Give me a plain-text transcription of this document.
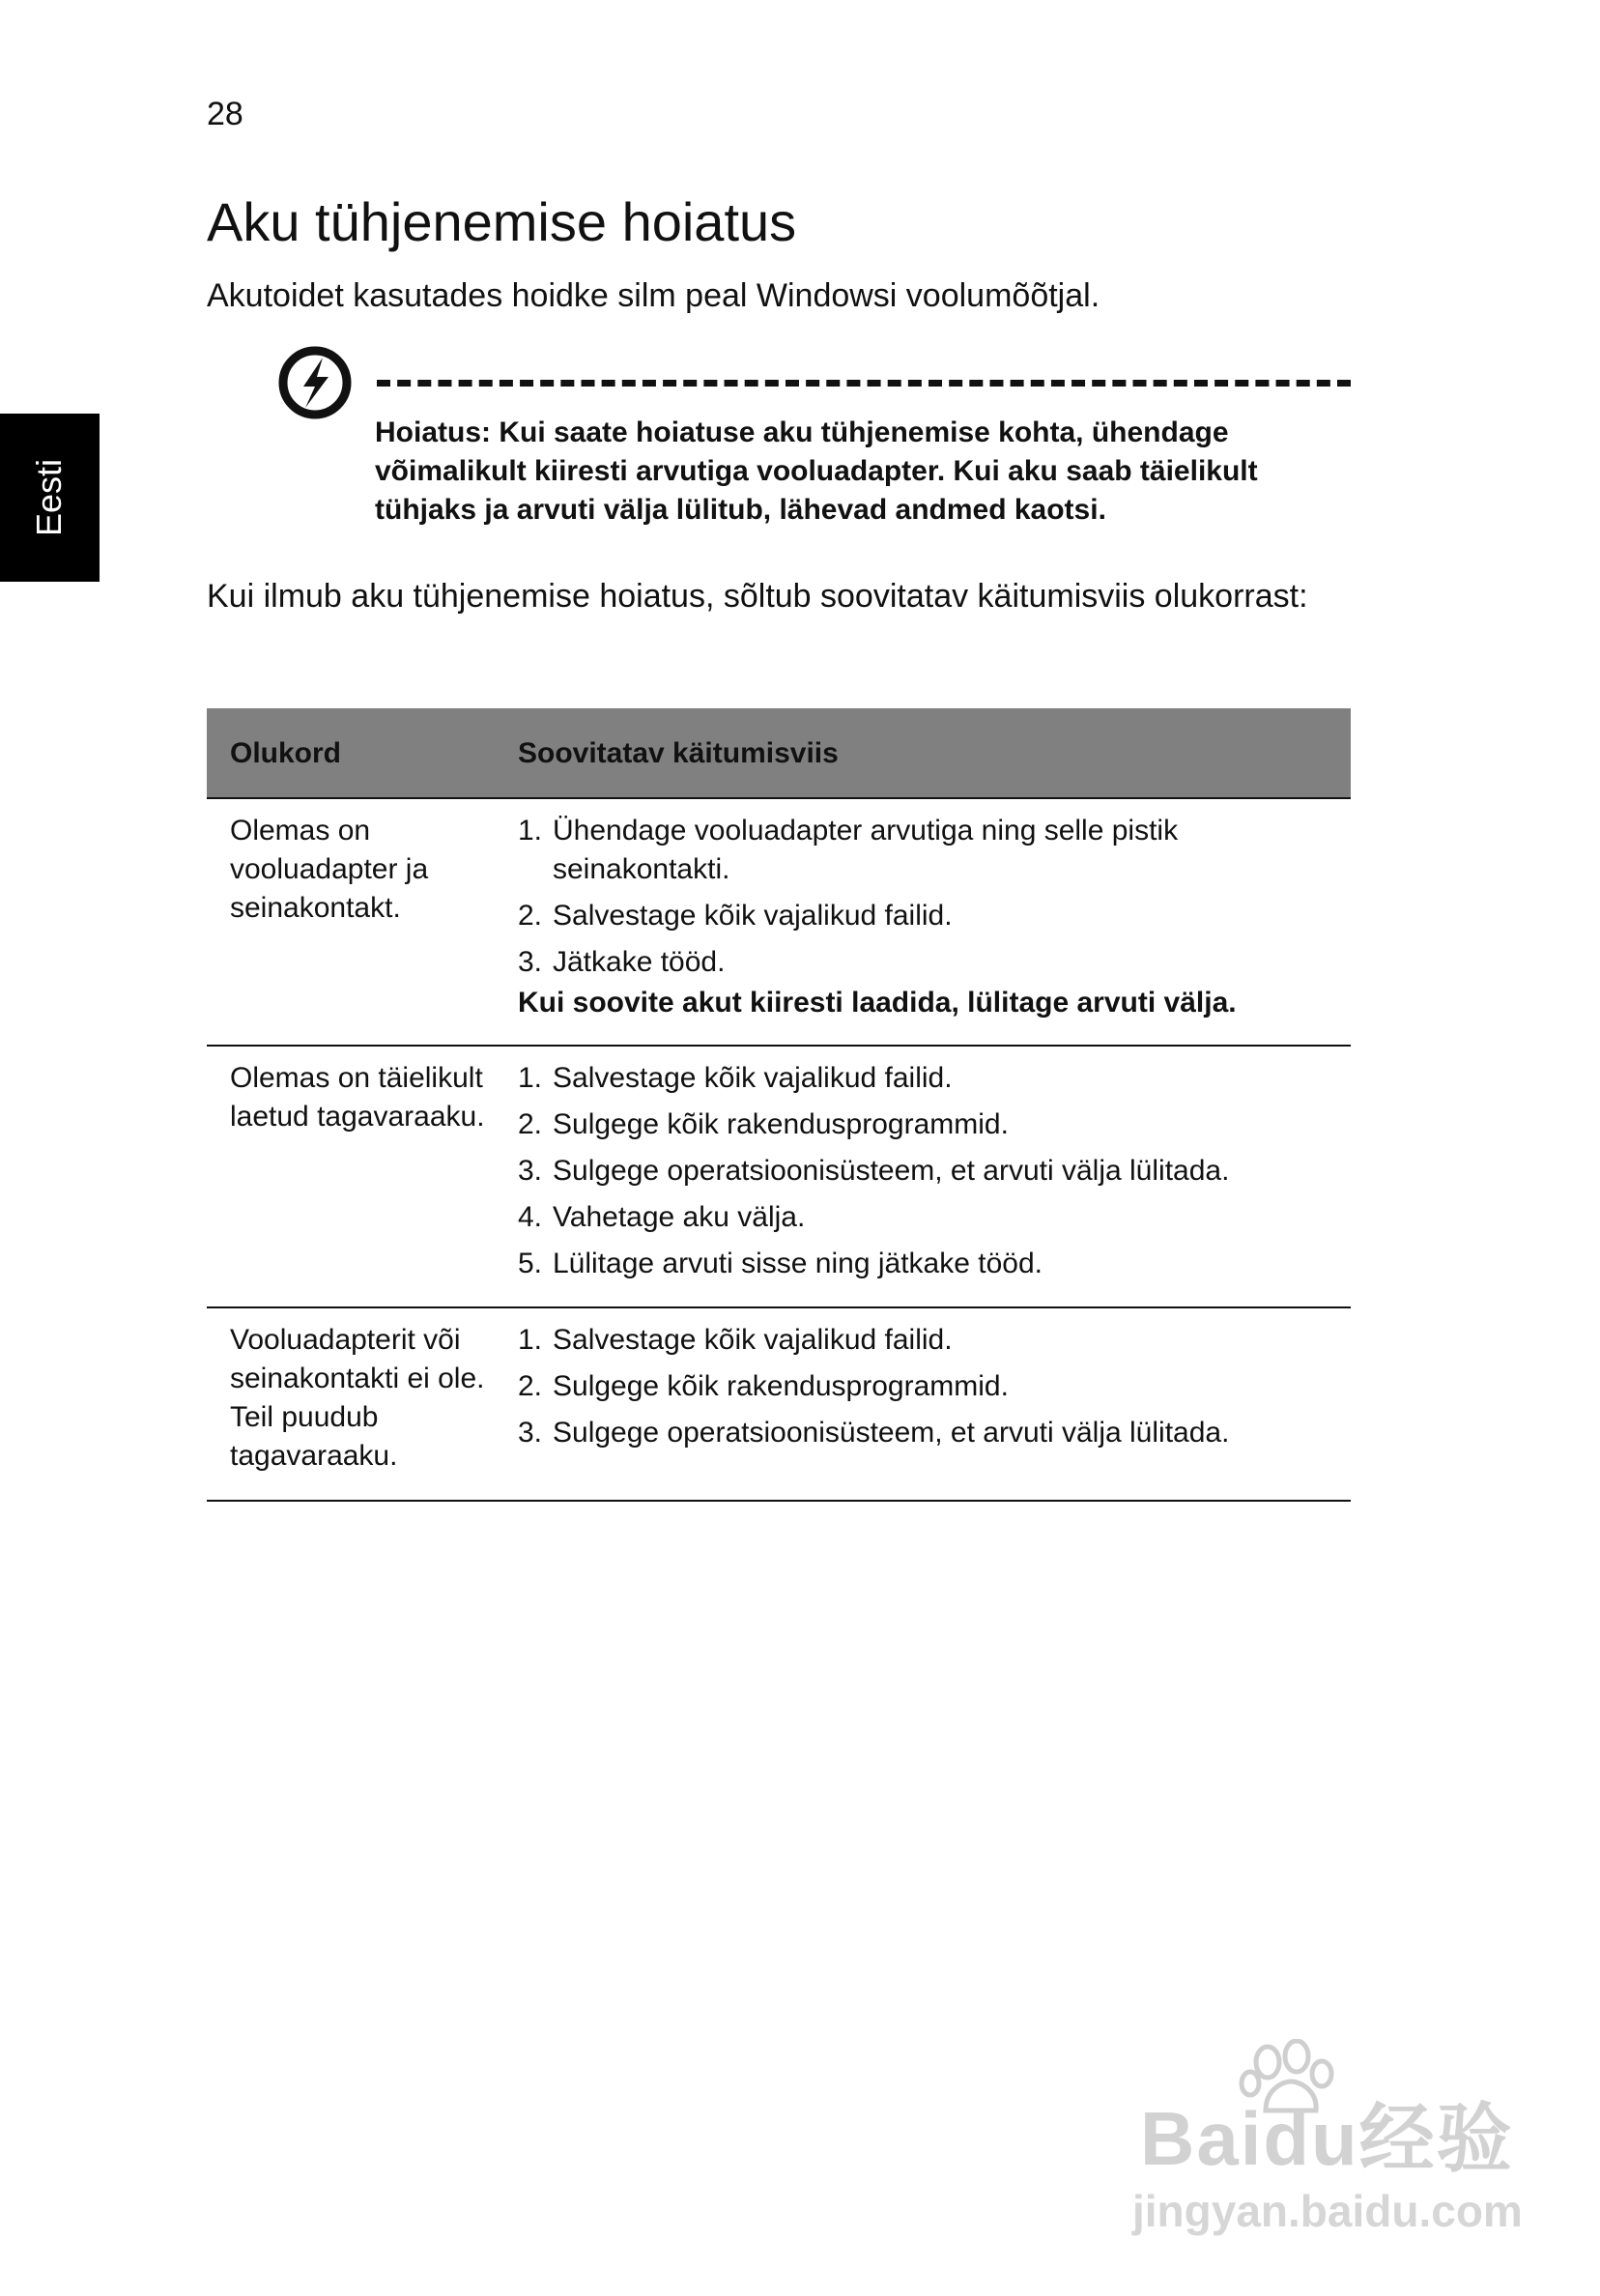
28
Eesti
Aku tühjenemise hoiatus

Akutoidet kasutades hoidke silm peal Windowsi voolumõõtjal.

Hoiatus: Kui saate hoiatuse aku tühjenemise kohta, ühendage võimalikult kiiresti arvutiga vooluadapter. Kui aku saab täielikult tühjaks ja arvuti välja lülitub, lähevad andmed kaotsi.

Kui ilmub aku tühjenemise hoiatus, sõltub soovitatav käitumisviis olukorrast:

Olukord	Soovitatav käitumisviis
Olemas on
vooluadapter ja
seinakontakt.
1. Ühendage vooluadapter arvutiga ning selle pistik seinakontakti.
2. Salvestage kõik vajalikud failid.
3. Jätkake tööd.
Kui soovite akut kiiresti laadida, lülitage arvuti välja.
Olemas on täielikult
laetud tagavaraaku.
1. Salvestage kõik vajalikud failid.
2. Sulgege kõik rakendusprogrammid.
3. Sulgege operatsioonisüsteem, et arvuti välja lülitada.
4. Vahetage aku välja.
5. Lülitage arvuti sisse ning jätkake tööd.
Vooluadapterit või
seinakontakti ei ole.
Teil puudub
tagavaraaku.
1. Salvestage kõik vajalikud failid.
2. Sulgege kõik rakendusprogrammid.
3. Sulgege operatsioonisüsteem, et arvuti välja lülitada.
Baidu经验
jingyan.baidu.com
